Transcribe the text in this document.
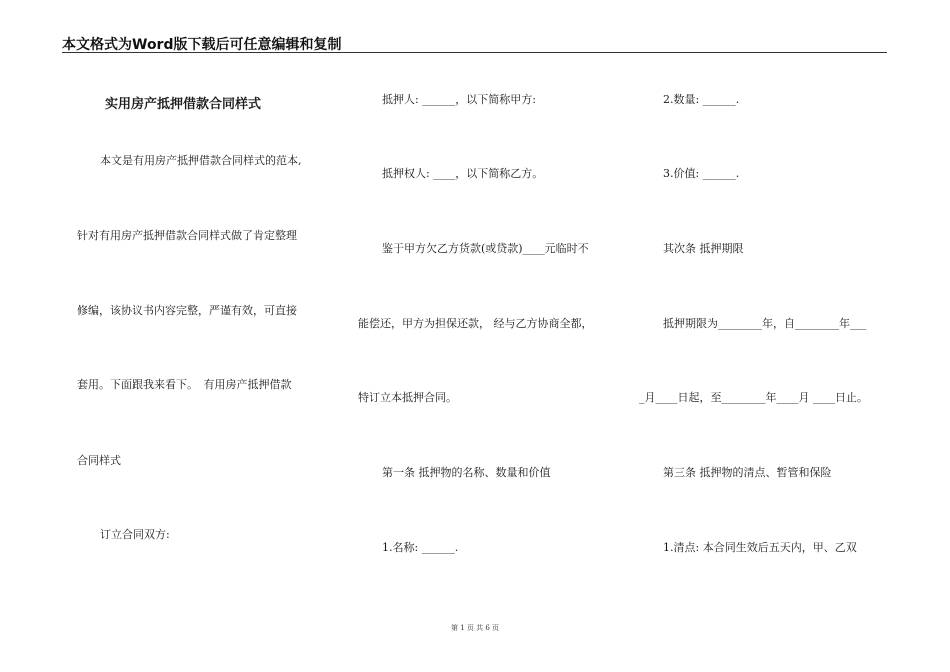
本文格式为Word版下载后可任意编辑和复制
实用房产抵押借款合同样式
本文是有用房产抵押借款合同样式的范本,
针对有用房产抵押借款合同样式做了肯定整理
修编，该协议书内容完整，严谨有效，可直接
套用。下面跟我来看下。　有用房产抵押借款
合同样式
订立合同双方:
抵押人: ______，以下简称甲方:
抵押权人: ____，以下简称乙方。
鉴于甲方欠乙方货款(或贷款)____元临时不
能偿还，甲方为担保还款， 经与乙方协商全都，
特订立本抵押合同。
第一条 抵押物的名称、数量和价值
1.名称: ______.
2.数量: ______.
3.价值: ______.
其次条 抵押期限
抵押期限为________年，自________年___
_月____日起，至________年____月 ____日止。
第三条 抵押物的清点、暂管和保险
1.清点: 本合同生效后五天内，甲、乙双
第 1 页 共 6 页
